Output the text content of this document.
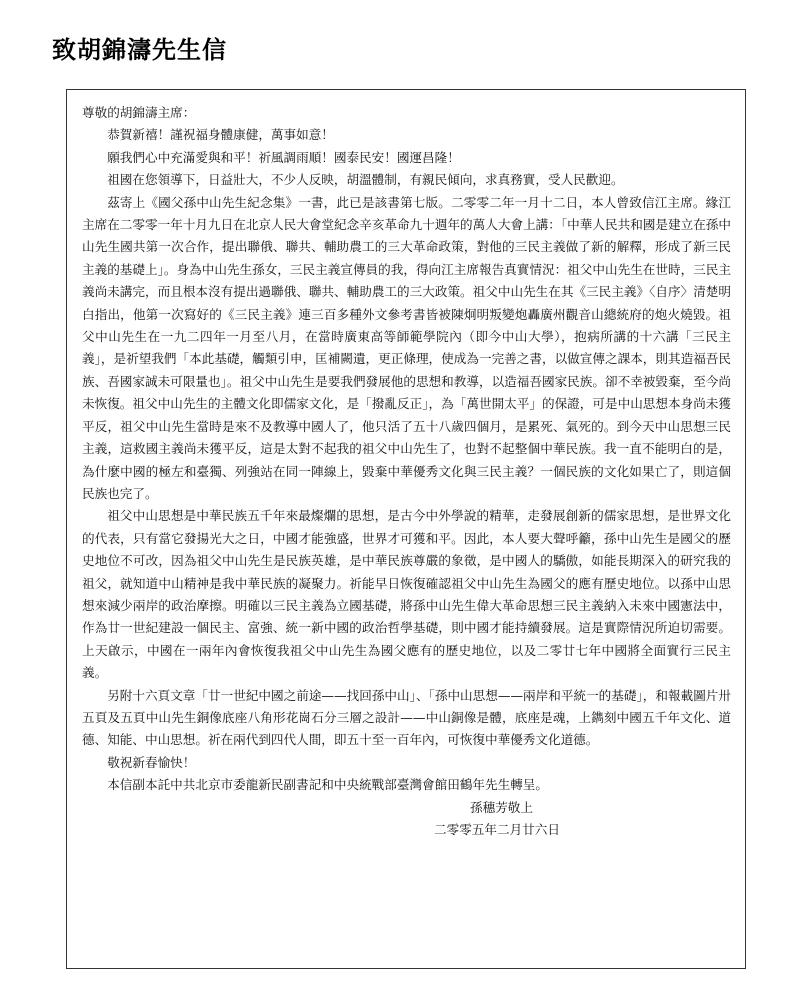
致胡錦濤先生信

尊敬的胡錦濤主席：

恭賀新禧！謹祝福身體康健，萬事如意！

願我們心中充滿愛與和平！祈風調雨順！國泰民安！國運昌隆！

祖國在您領導下，日益壯大，不少人反映，胡溫體制，有親民傾向，求真務實，受人民歡迎。

茲寄上《國父孫中山先生紀念集》一書，此已是該書第七版。二零零二年一月十二日，本人曾致信江主席。緣江主席在二零零一年十月九日在北京人民大會堂紀念辛亥革命九十週年的萬人大會上講：「中華人民共和國是建立在孫中山先生國共第一次合作，提出聯俄、聯共、輔助農工的三大革命政策，對他的三民主義做了新的解釋，形成了新三民主義的基礎上」。身為中山先生孫女，三民主義宣傳員的我，得向江主席報告真實情況：祖父中山先生在世時，三民主義尚未講完，而且根本沒有提出過聯俄、聯共、輔助農工的三大政策。祖父中山先生在其《三民主義》〈自序〉清楚明白指出，他第一次寫好的《三民主義》連三百多種外文參考書皆被陳炯明叛變炮轟廣州觀音山總統府的炮火燒毀。祖父中山先生在一九二四年一月至八月，在當時廣東高等師範學院內（即今中山大學），抱病所講的十六講「三民主義」，是祈望我們「本此基礎，觸類引申，匡補闕遺，更正條理，使成為一完善之書，以做宣傳之課本，則其造福吾民族、吾國家誠未可限量也」。祖父中山先生是要我們發展他的思想和教導，以造福吾國家民族。卻不幸被毀棄，至今尚未恢復。祖父中山先生的主體文化即儒家文化，是「撥亂反正」，為「萬世開太平」的保證，可是中山思想本身尚未獲平反，祖父中山先生當時是來不及教導中國人了，他只活了五十八歲四個月，是累死、氣死的。到今天中山思想三民主義，這救國主義尚未獲平反，這是太對不起我的祖父中山先生了，也對不起整個中華民族。我一直不能明白的是，為什麼中國的極左和臺獨、列強站在同一陣線上，毀棄中華優秀文化與三民主義？一個民族的文化如果亡了，則這個民族也完了。

祖父中山思想是中華民族五千年來最燦爛的思想，是古今中外學說的精華，走發展創新的儒家思想，是世界文化的代表，只有當它發揚光大之日，中國才能強盛，世界才可獲和平。因此，本人要大聲呼籲，孫中山先生是國父的歷史地位不可改，因為祖父中山先生是民族英雄，是中華民族尊嚴的象徵，是中國人的驕傲，如能長期深入的研究我的祖父，就知道中山精神是我中華民族的凝聚力。祈能早日恢復確認祖父中山先生為國父的應有歷史地位。以孫中山思想來減少兩岸的政治摩擦。明確以三民主義為立國基礎，將孫中山先生偉大革命思想三民主義納入未來中國憲法中，作為廿一世紀建設一個民主、富強、統一新中國的政治哲學基礎，則中國才能持續發展。這是實際情況所迫切需要。上天啟示，中國在一兩年內會恢復我祖父中山先生為國父應有的歷史地位，以及二零廿七年中國將全面實行三民主義。

另附十六頁文章「廿一世紀中國之前途——找回孫中山」、「孫中山思想——兩岸和平統一的基礎」，和報載圖片卅五頁及五頁中山先生銅像底座八角形花崗石分三層之設計——中山銅像是體，底座是魂，上鐫刻中國五千年文化、道德、知能、中山思想。祈在兩代到四代人間，即五十至一百年內，可恢復中華優秀文化道德。

敬祝新春愉快！

本信副本託中共北京市委龍新民副書記和中央統戰部臺灣會館田鶴年先生轉呈。

孫穗芳敬上

二零零五年二月廿六日
